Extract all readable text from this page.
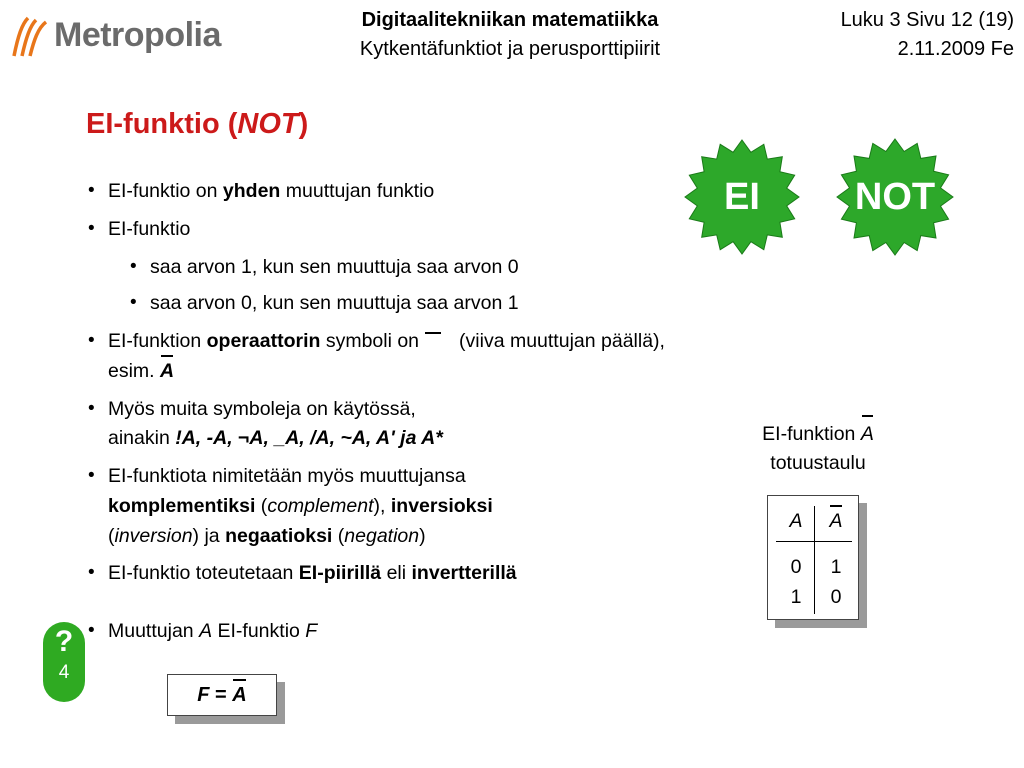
Metropolia	Digitaalitekniikan matematiikka
Kytkentäfunktiot ja perusporttipiirit
Luku 3 Sivu 12 (19)
2.11.2009 Fe
EI-funktio (NOT)
EI	NOT
• EI-funktio on yhden muuttujan funktio
• EI-funktio
• saa arvon 1, kun sen muuttuja saa arvon 0
• saa arvon 0, kun sen muuttuja saa arvon 1
• EI-funktion operaattorin symboli on (viiva muuttujan päällä),
esim. A
• Myös muita symboleja on käytössä,
ainakin !A, -A, ¬A, _A, /A, ~A, A' ja A*
• EI-funktiota nimitetään myös muuttujansa
komplementiksi (complement), inversioksi
(inversion) ja negaatioksi (negation)
• EI-funktio toteutetaan EI-piirillä eli invertterillä
• Muuttujan A EI-funktio F
EI-funktion A
totuustaulu
A	A
0	1
1	0
F = A
?
4
